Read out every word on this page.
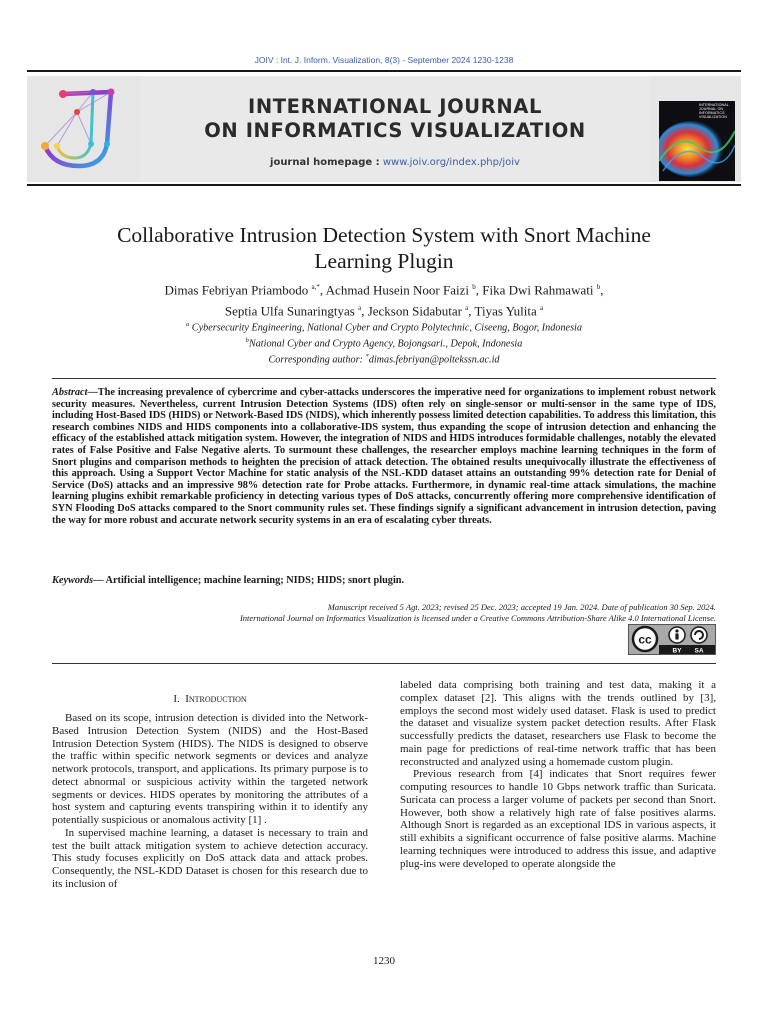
JOIV : Int. J. Inform. Visualization, 8(3) - September 2024 1230-1238
INTERNATIONAL JOURNAL
ON INFORMATICS VISUALIZATION
journal homepage : www.joiv.org/index.php/joiv
INTERNATIONAL JOURNAL ON INFORMATICS VISUALIZATION
Collaborative Intrusion Detection System with Snort Machine
Learning Plugin
Dimas Febriyan Priambodo $^{a,*}$, Achmad Husein Noor Faizi $^b$, Fika Dwi Rahmawati $^b$,
Septia Ulfa Sunaringtyas $^a$, Jeckson Sidabutar $^a$, Tiyas Yulita $^a$
$^a$ Cybersecurity Engineering, National Cyber and Crypto Polytechnic, Ciseeng, Bogor, Indonesia
$^b$National Cyber and Crypto Agency, Bojongsari., Depok, Indonesia
Corresponding author: *dimas.febriyan@poltekssn.ac.id
Abstract—The increasing prevalence of cybercrime and cyber-attacks underscores the imperative need for organizations to implement robust network security measures. Nevertheless, current Intrusion Detection Systems (IDS) often rely on single-sensor or multi-sensor in the same type of IDS, including Host-Based IDS (HIDS) or Network-Based IDS (NIDS), which inherently possess limited detection capabilities. To address this limitation, this research combines NIDS and HIDS components into a collaborative-IDS system, thus expanding the scope of intrusion detection and enhancing the efficacy of the established attack mitigation system. However, the integration of NIDS and HIDS introduces formidable challenges, notably the elevated rates of False Positive and False Negative alerts. To surmount these challenges, the researcher employs machine learning techniques in the form of Snort plugins and comparison methods to heighten the precision of attack detection. The obtained results unequivocally illustrate the effectiveness of this approach. Using a Support Vector Machine for static analysis of the NSL-KDD dataset attains an outstanding 99% detection rate for Denial of Service (DoS) attacks and an impressive 98% detection rate for Probe attacks. Furthermore, in dynamic real-time attack simulations, the machine learning plugins exhibit remarkable proficiency in detecting various types of DoS attacks, concurrently offering more comprehensive identification of SYN Flooding DoS attacks compared to the Snort community rules set. These findings signify a significant advancement in intrusion detection, paving the way for more robust and accurate network security systems in an era of escalating cyber threats.
Keywords— Artificial intelligence; machine learning; NIDS; HIDS; snort plugin.
Manuscript received 5 Agt. 2023; revised 25 Dec. 2023; accepted 19 Jan. 2024. Date of publication 30 Sep. 2024.
International Journal on Informatics Visualization is licensed under a Creative Commons Attribution-Share Alike 4.0 International License.
cc
BY SA
I. Introduction

Based on its scope, intrusion detection is divided into the Network-Based Intrusion Detection System (NIDS) and the Host-Based Intrusion Detection System (HIDS). The NIDS is designed to observe the traffic within specific network segments or devices and analyze network protocols, transport, and applications. Its primary purpose is to detect abnormal or suspicious activity within the targeted network segments or devices. HIDS operates by monitoring the attributes of a host system and capturing events transpiring within it to identify any potentially suspicious or anomalous activity [1] .

In supervised machine learning, a dataset is necessary to train and test the built attack mitigation system to achieve detection accuracy. This study focuses explicitly on DoS attack data and attack probes. Consequently, the NSL-KDD Dataset is chosen for this research due to its inclusion of

labeled data comprising both training and test data, making it a complex dataset [2]. This aligns with the trends outlined by [3], employs the second most widely used dataset. Flask is used to predict the dataset and visualize system packet detection results. After Flask successfully predicts the dataset, researchers use Flask to become the main page for predictions of real-time network traffic that has been reconstructed and analyzed using a homemade custom plugin.

Previous research from [4] indicates that Snort requires fewer computing resources to handle 10 Gbps network traffic than Suricata. Suricata can process a larger volume of packets per second than Snort. However, both show a relatively high rate of false positives alarms. Although Snort is regarded as an exceptional IDS in various aspects, it still exhibits a significant occurrence of false positive alarms. Machine learning techniques were introduced to address this issue, and adaptive plug-ins were developed to operate alongside the

1230
